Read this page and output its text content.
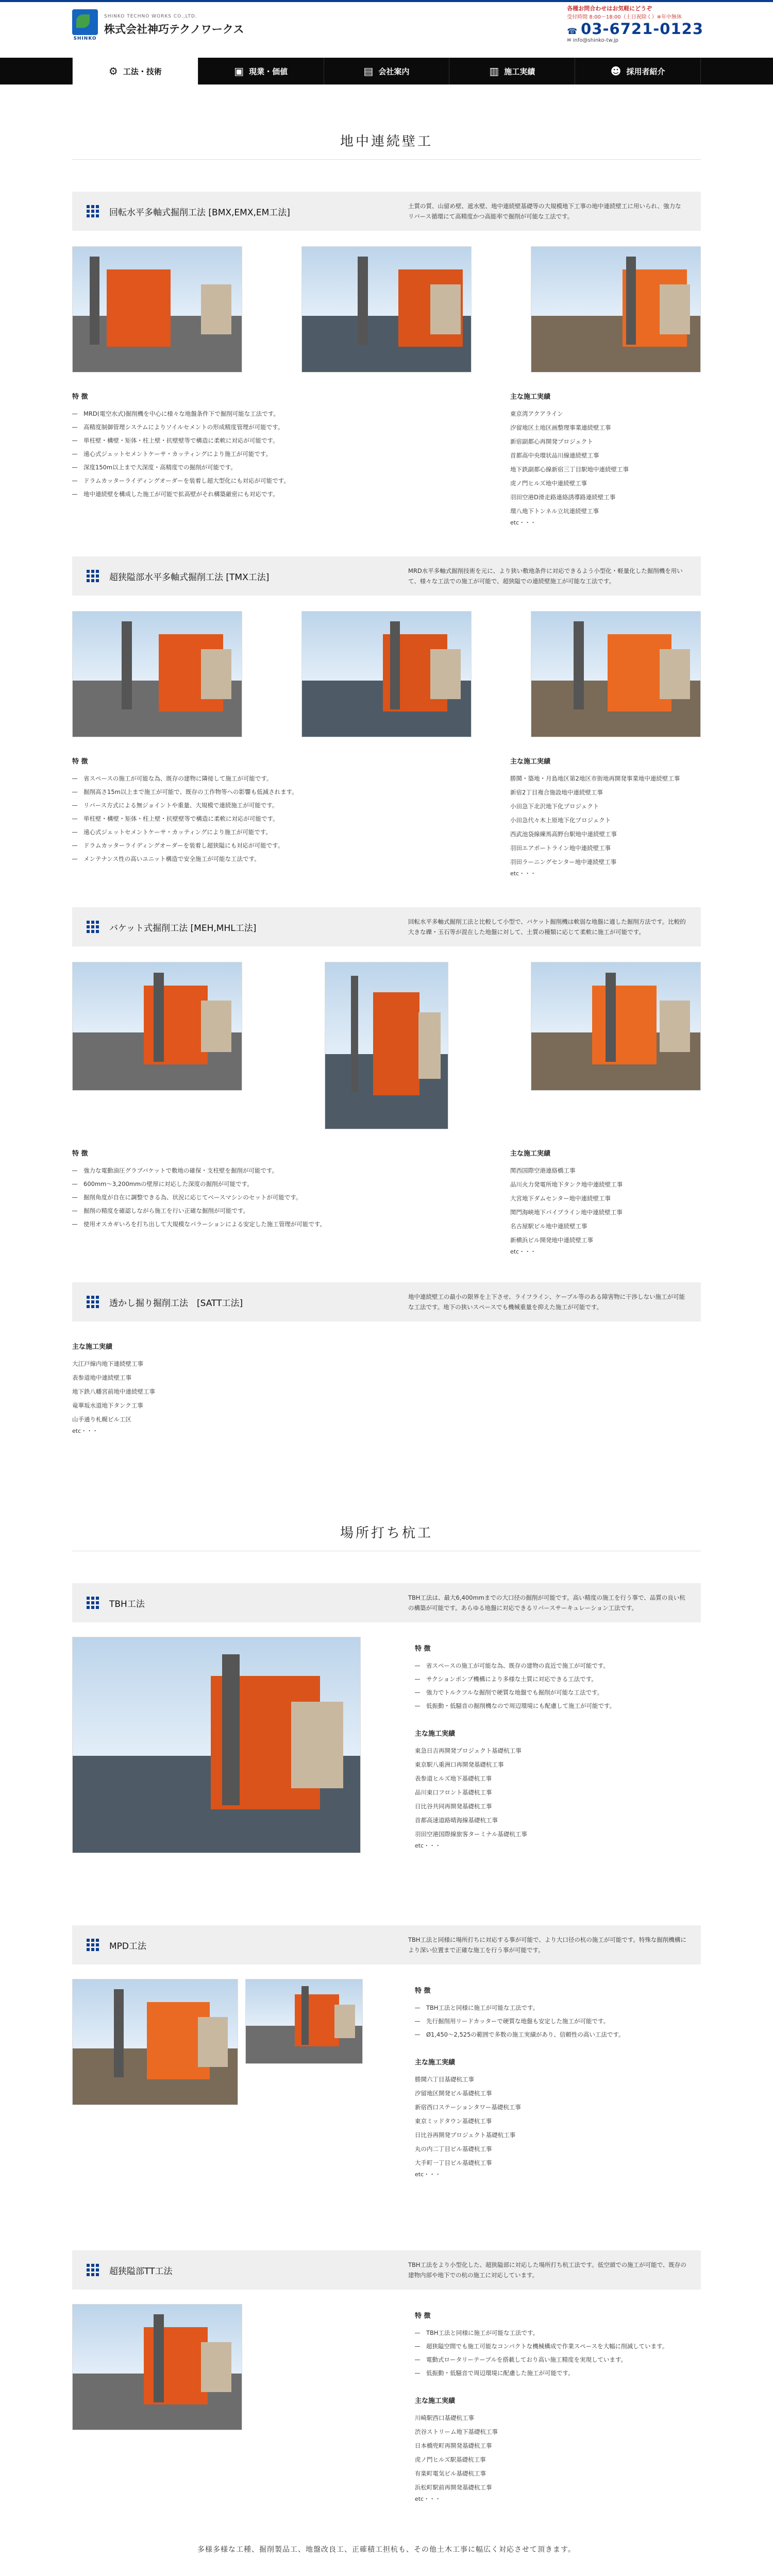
SHINKO
SHINKO TECHNO WORKS CO.,LTD.
株式会社神巧テクノワークス
各種お問合わせはお気軽にどうぞ
受付時間 8:00〜18:00（土日祝除く）※年中無休
☎ 03-6721-0123
✉ info@shinko-tw.jp
⚙ 工法・技術	▣ 現業・価値	▤ 会社案内	▥ 施工実績	☻ 採用者紹介
地中連続壁工
回転水平多軸式掘削工法 [BMX,EMX,EM工法]

土質の質、山留め壁、遮水壁、地中連続壁基礎等の大規模地下工事の地中連続壁工に用いられ、強力なリバース循環にて高精度かつ高能率で掘削が可能な工法です。

特 徴
MRD(電空水式)掘削機を中心に様々な地盤条件下で掘削可能な工法です。
高精度制御管理システムによりソイルセメントの形成精度管理が可能です。
単柱壁・構壁・矩体・柱上壁・抗壁壁等で構造に柔軟に対応が可能です。
遠心式ジェットセメントケーサ・カッティングにより施工が可能です。
深度150m以上まで大深度・高精度での掘削が可能です。
ドラムカッターライディングオーダーを装着し超大型化にも対応が可能です。
地中連続壁を構成した施工が可能で拡高壁がそれ構築厳密にも対応です。
主な施工実績
東京湾アクアライン
汐留地区土地区画整理事業連続壁工事
新宿副都心再開発プロジェクト
首都高中央環状品川線連続壁工事
地下鉄副都心線新宿三丁目駅地中連続壁工事
虎ノ門ヒルズ地中連続壁工事
羽田空港D滑走路連絡誘導路連続壁工事
環八地下トンネル立坑連続壁工事
etc・・・
超狭隘部水平多軸式掘削工法 [TMX工法]

MRD水平多軸式掘削技術を元に、より狭い敷地条件に対応できるよう小型化・軽量化した掘削機を用いて、様々な工法での施工が可能で、超狭隘での連続壁施工が可能な工法です。

特 徴
省スペースの施工が可能な為、既存の建物に隣接して施工が可能です。
掘削高さ15m以上まで施工が可能で、既存の工作物等への影響も低減されます。
リバース方式による無ジョイントや重量、大規模で連続施工が可能です。
単柱壁・構壁・矩体・柱上壁・抗壁壁等で構造に柔軟に対応が可能です。
遠心式ジェットセメントケーサ・カッティングにより施工が可能です。
ドラムカッターライディングオーダーを装着し超狭隘にも対応が可能です。
メンテナンス性の高いユニット構造で安全施工が可能な工法です。
主な施工実績
勝鬨・築地・月島地区第2地区市街地再開発事業地中連続壁工事
新宿2丁目複合施設地中連続壁工事
小田急下北沢地下化プロジェクト
小田急代々木上原地下化プロジェクト
西武池袋線練馬高野台駅地中連続壁工事
羽田エアポートライン地中連続壁工事
羽田ラーニングセンター地中連続壁工事
etc・・・
バケット式掘削工法 [MEH,MHL工法]

回転水平多軸式掘削工法と比較して小型で、バケット掘削機は軟弱な地盤に適した掘削方法です。比較的大きな礫・玉石等が混在した地盤に対して、土質の種類に応じて柔軟に施工が可能です。

特 徴
強力な電動油圧グラブバケットで敷地の確保・支柱壁を掘削が可能です。
600mm〜3,200mmの壁厚に対応した深度の掘削が可能です。
掘削角度が自在に調整できる為、状況に応じてベースマシンのセットが可能です。
掘削の精度を確認しながら施工を行い正確な掘削が可能です。
使用オスカギいろを打ち出して大規模なパラーションによる安定した施工管理が可能です。
主な施工実績
関西国際空港連絡橋工事
品川火力発電所地下タンク地中連続壁工事
大宮地下ダムセンター地中連続壁工事
関門海峡地下パイプライン地中連続壁工事
名古屋駅ビル地中連続壁工事
新横浜ビル開発地中連続壁工事
etc・・・
透かし掘り掘削工法　[SATT工法]

地中連続壁工の最小の限界を上下させ、ライフライン、ケーブル等のある障害物に干渉しない施工が可能な工法です。地下の狭いスペースでも機械重量を抑えた施工が可能です。

主な施工実績
大江戸線内地下連続壁工事
表参道地中連続壁工事
地下鉄八幡宮前地中連続壁工事
竜華坂水道地下タンク工事
山手通り札幌ビル工区
etc・・・
場所打ち杭工
TBH工法

TBH工法は、最大6,400mmまでの大口径の掘削が可能です。高い精度の施工を行う事で、品質の良い杭の構築が可能です。あらゆる地盤に対応できるリバースサーキュレーション工法です。

特 徴
省スペースの施工が可能な為、既存の建物の直近で施工が可能です。
サクションポンプ機構により多様な土質に対応できる工法です。
強力でトルクフルな掘削で硬質な地盤でも掘削が可能な工法です。
低振動・低騒音の掘削機なので周辺環境にも配慮して施工が可能です。
主な施工実績
東急日吉再開発プロジェクト基礎杭工事
東京駅八重洲口再開発基礎杭工事
表参道ヒルズ地下基礎杭工事
品川東口フロント基礎杭工事
日比谷共同再開発基礎杭工事
首都高速道路晴海線基礎杭工事
羽田空港国際線旅客ターミナル基礎杭工事
etc・・・
MPD工法

TBH工法と同様に場所打ちに対応する事が可能で、より大口径の杭の施工が可能です。特殊な掘削機構により深い位置まで正確な施工を行う事が可能です。

特 徴
TBH工法と同様に施工が可能な工法です。
先行掘削用リードカッターで硬質な地盤も安定した施工が可能です。
Ø1,450〜2,525の範囲で多数の施工実績があり、信頼性の高い工法です。
主な施工実績
勝鬨六丁目基礎杭工事
汐留地区開発ビル基礎杭工事
新宿西口ステーションタワー基礎杭工事
東京ミッドタウン基礎杭工事
日比谷再開発プロジェクト基礎杭工事
丸の内二丁目ビル基礎杭工事
大手町一丁目ビル基礎杭工事
etc・・・
超狭隘部TT工法

TBH工法をより小型化した、超狭隘部に対応した場所打ち杭工法です。低空頭での施工が可能で、既存の建物内部や地下での杭の施工に対応しています。

特 徴
TBH工法と同様に施工が可能な工法です。
超狭隘空間でも施工可能なコンパクトな機械構成で作業スペースを大幅に削減しています。
電動式ロータリーテーブルを搭載しており高い施工精度を実現しています。
低振動・低騒音で周辺環境に配慮した施工が可能です。
主な施工実績
川崎駅西口基礎杭工事
渋谷ストリーム地下基礎杭工事
日本橋兜町再開発基礎杭工事
虎ノ門ヒルズ駅基礎杭工事
有楽町電気ビル基礎杭工事
浜松町駅前再開発基礎杭工事
etc・・・

多様多様な工種、掘削製品工、地盤改良工、正確積工担杭も、その他土木工事に幅広く対応させて頂きます。
